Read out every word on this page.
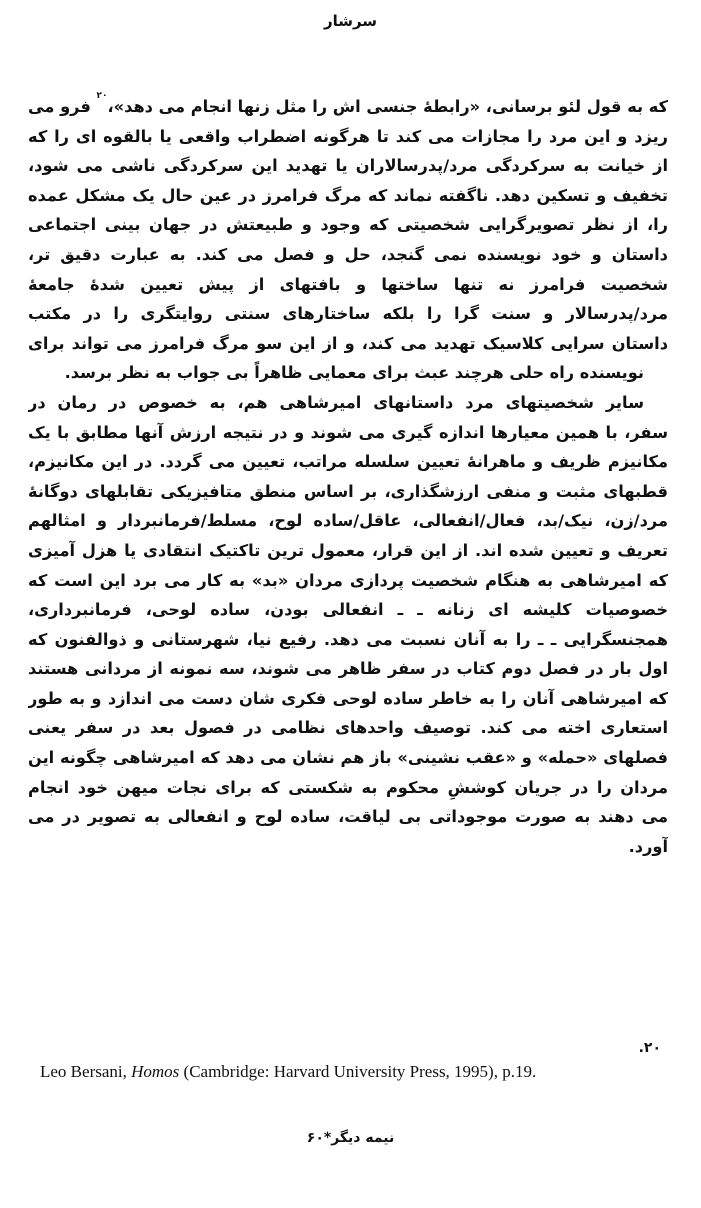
سرشار
که به قول لئو برسانی، «رابطهٔ جنسی اش را مثل زنها انجام می دهد»،$^{۲۰}$ فرو می
ریزد و این مرد را مجازات می کند تا هرگونه اضطراب واقعی یا بالقوه ای را که
از خیانت به سرکردگی مرد/پدرسالاران یا تهدید این سرکردگی ناشی می شود،
تخفیف و تسکین دهد. ناگفته نماند که مرگ فرامرز در عین حال یک مشکل عمده
را، از نظر تصویرگرایی شخصیتی که وجود و طبیعتش در جهان بینی اجتماعی
داستان و خود نویسنده نمی گنجد، حل و فصل می کند. به عبارت دقیق تر،
شخصیت فرامرز نه تنها ساختها و بافتهای از پیش تعیین شدهٔ جامعهٔ
مرد/پدرسالار و سنت گرا را بلکه ساختارهای سنتی روایتگری را در مکتب
داستان سرایی کلاسیک تهدید می کند، و از این سو مرگ فرامرز می تواند برای
نویسنده راه حلی هرچند عبث برای معمایی ظاهراً بی جواب به نظر برسد.
سایر شخصیتهای مرد داستانهای امیرشاهی هم، به خصوص در رمان در
سفر، با همین معیارها اندازه گیری می شوند و در نتیجه ارزش آنها مطابق با یک
مکانیزم ظریف و ماهرانهٔ تعیین سلسله مراتب، تعیین می گردد. در این مکانیزم،
قطبهای مثبت و منفی ارزشگذاری، بر اساس منطق متافیزیکی تقابلهای دوگانهٔ
مرد/زن، نیک/بد، فعال/انفعالی، عاقل/ساده لوح، مسلط/فرمانبردار و امثالهم
تعریف و تعیین شده اند. از این قرار، معمول ترین تاکتیک انتقادی یا هزل آمیزی
که امیرشاهی به هنگام شخصیت پردازی مردان «بد» به کار می برد این است که
خصوصیات کلیشه ای زنانه ـ ـ انفعالی بودن، ساده لوحی، فرمانبرداری،
همجنسگرایی ـ ـ را به آنان نسبت می دهد. رفیع نیا، شهرستانی و ذوالفنون که
اول بار در فصل دوم کتاب در سفر ظاهر می شوند، سه نمونه از مردانی هستند
که امیرشاهی آنان را به خاطر ساده لوحی فکری شان دست می اندازد و به طور
استعاری اخته می کند. توصیف واحدهای نظامی در فصول بعد در سفر یعنی
فصلهای «حمله» و «عقب نشینی» باز هم نشان می دهد که امیرشاهی چگونه این
مردان را در جریان کوششِ محکوم به شکستی که برای نجات میهن خود انجام
می دهند به صورت موجوداتی بی لیاقت، ساده لوح و انفعالی به تصویر در می
آورد.
۲۰.
Leo Bersani, Homos (Cambridge: Harvard University Press, 1995), p.19.
نیمه دیگر*۶۰
